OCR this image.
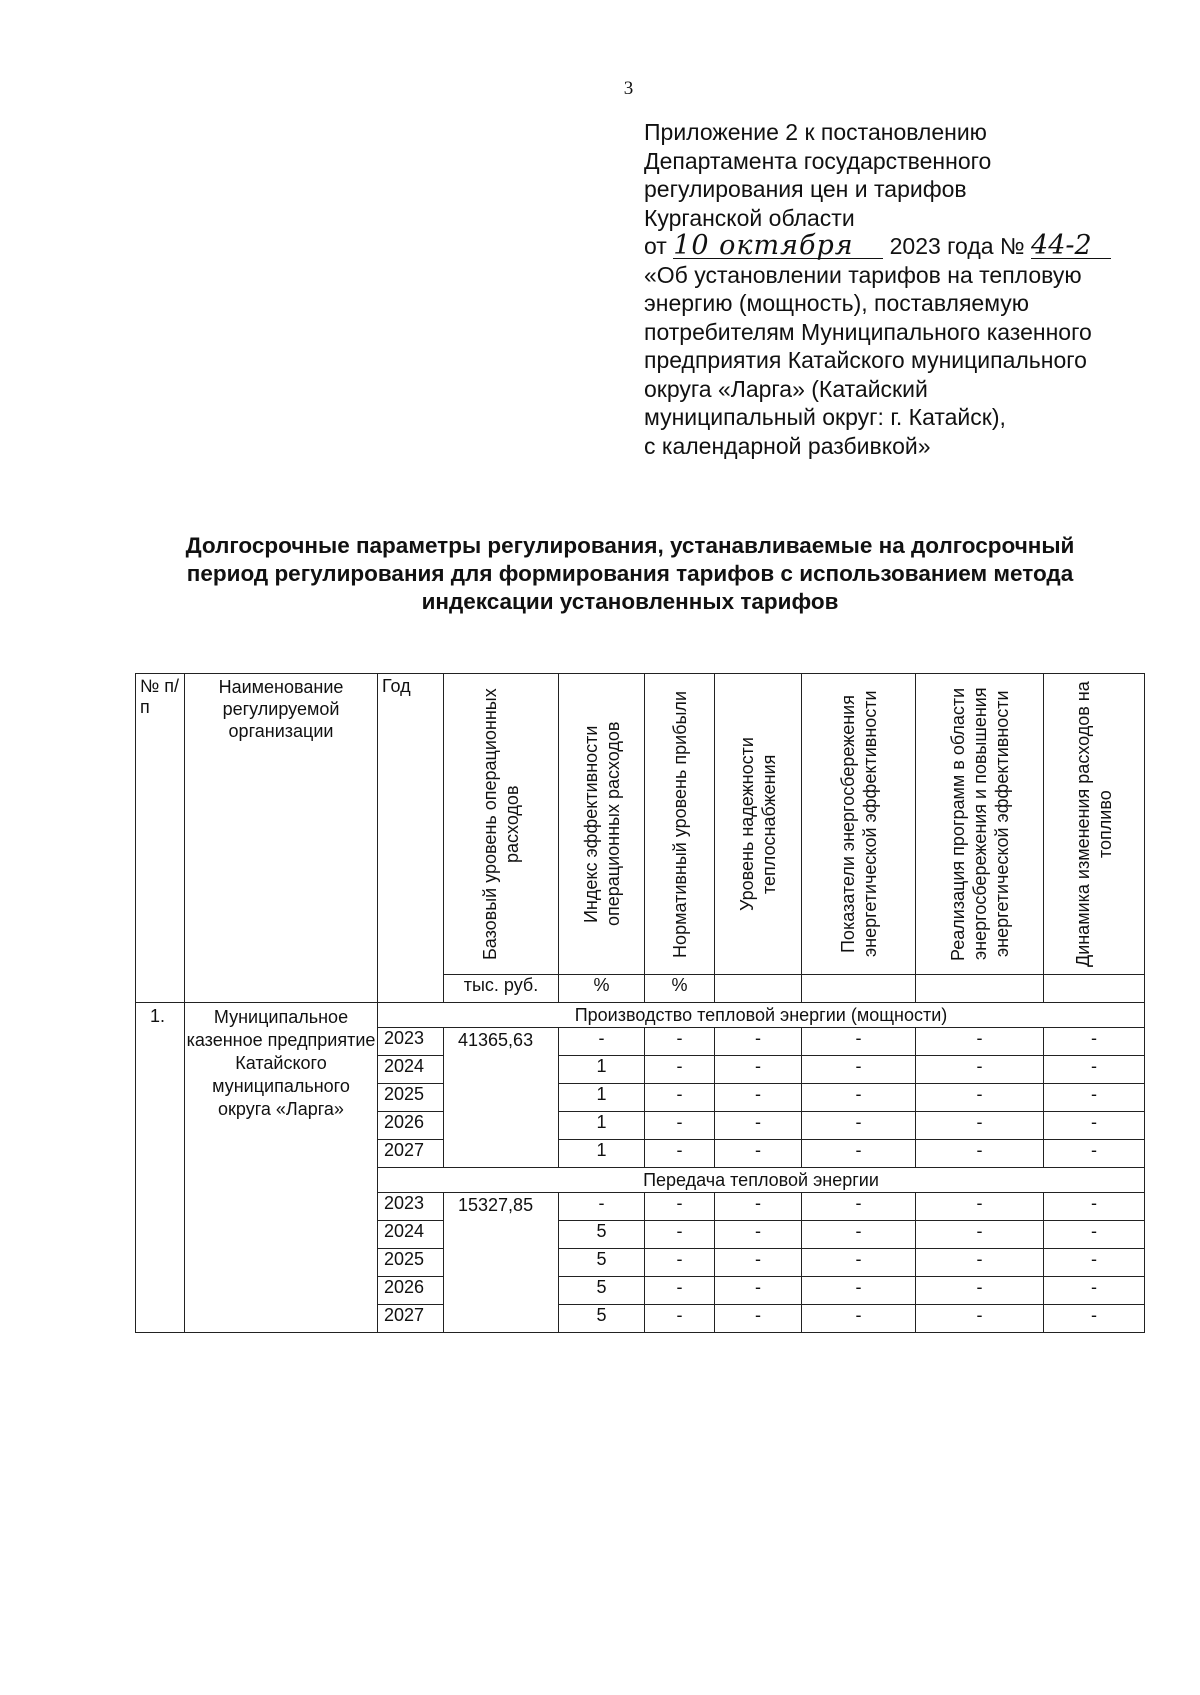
3
Приложение 2 к постановлению
Департамента государственного
регулирования цен и тарифов
Курганской области
от 10 октября 2023 года № 44-2
«Об установлении тарифов на тепловую
энергию (мощность), поставляемую
потребителям Муниципального казенного
предприятия Катайского муниципального
округа «Ларга» (Катайский
муниципальный округ: г. Катайск),
с календарной разбивкой»
Долгосрочные параметры регулирования, устанавливаемые на долгосрочный
период регулирования для формирования тарифов с использованием метода
индексации установленных тарифов
№ п/п	Наименование регулируемой организации	Год	Базовый уровень операционных расходов	Индекс эффективности операционных расходов	Нормативный уровень прибыли	Уровень надежности теплоснабжения	Показатели энергосбережения энергетической эффективности	Реализация программ в области энергосбережения и повышения энергетической эффективности	Динамика изменения расходов на топливо

			тыс. руб.	%	%				
1.	Муниципальное казенное предприятие Катайского муниципального округа «Ларга»	Производство тепловой энергии (мощности)							
		2023	41365,63	-	-	-	-	-	-
		2024		1	-	-	-	-	-
		2025		1	-	-	-	-	-
		2026		1	-	-	-	-	-
		2027		1	-	-	-	-	-
		Передача тепловой энергии							
		2023	15327,85	-	-	-	-	-	-
		2024		5	-	-	-	-	-
		2025		5	-	-	-	-	-
		2026		5	-	-	-	-	-
		2027		5	-	-	-	-	-
